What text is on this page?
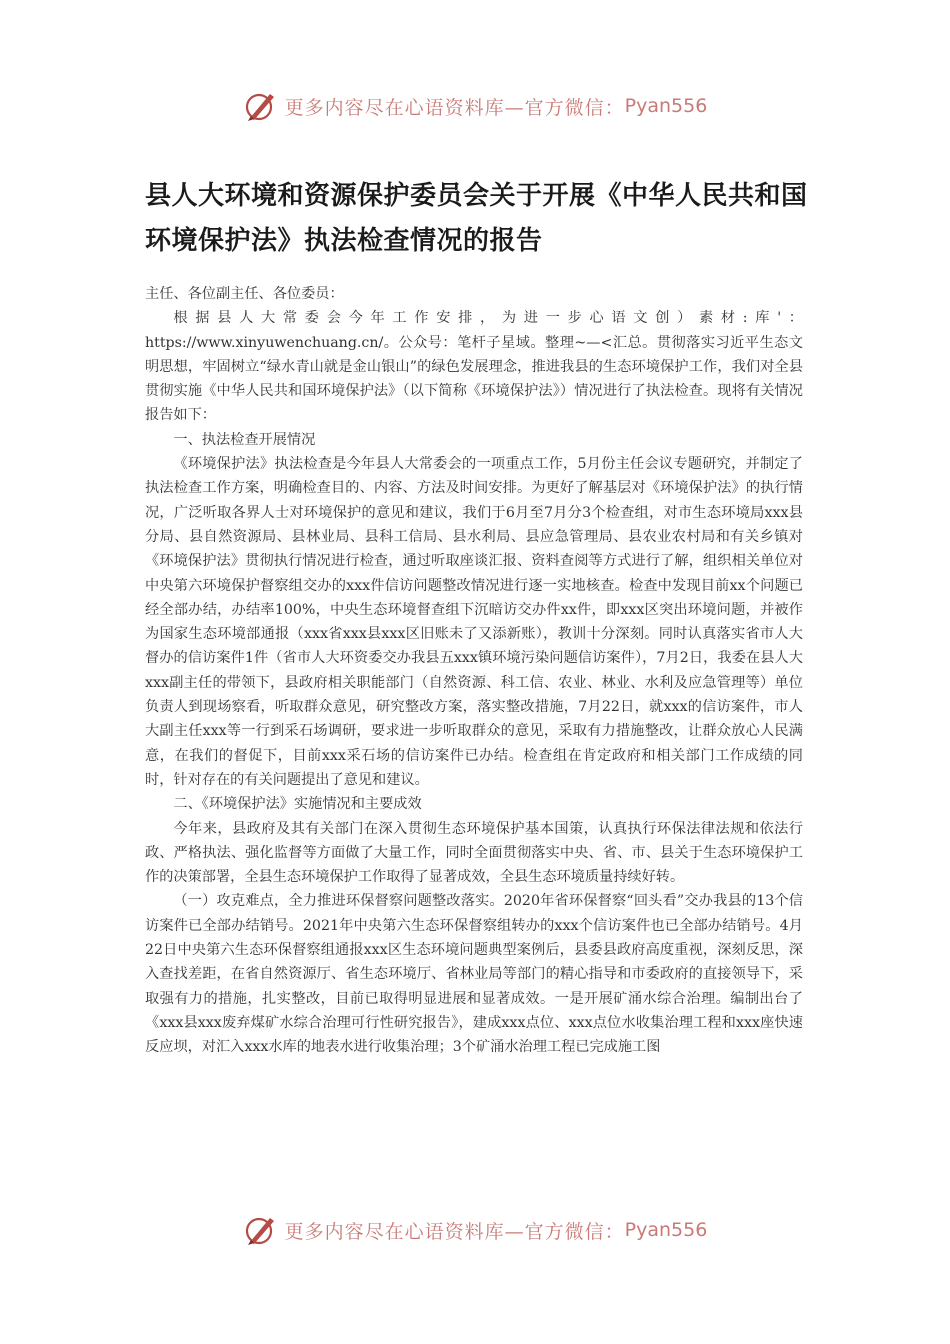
更多内容尽在心语资料库—官方微信： Pyan556
县人大环境和资源保护委员会关于开展《中华人民共和国环境保护法》执法检查情况的报告

主任、各位副主任、各位委员：

根据县人大常委会今年工作安排，为进一步心语文创）素材:库'：https://www.xinyuwenchuang.cn/。公众号：笔杆子星域。整理~—<汇总。贯彻落实习近平生态文明思想，牢固树立“绿水青山就是金山银山”的绿色发展理念，推进我县的生态环境保护工作，我们对全县贯彻实施《中华人民共和国环境保护法》（以下简称《环境保护法》）情况进行了执法检查。现将有关情况报告如下：

一、执法检查开展情况

《环境保护法》执法检查是今年县人大常委会的一项重点工作，5月份主任会议专题研究，并制定了执法检查工作方案，明确检查目的、内容、方法及时间安排。为更好了解基层对《环境保护法》的执行情况，广泛听取各界人士对环境保护的意见和建议，我们于6月至7月分3个检查组，对市生态环境局xxx县分局、县自然资源局、县林业局、县科工信局、县水利局、县应急管理局、县农业农村局和有关乡镇对《环境保护法》贯彻执行情况进行检查，通过听取座谈汇报、资料查阅等方式进行了解，组织相关单位对中央第六环境保护督察组交办的xxx件信访问题整改情况进行逐一实地核查。检查中发现目前xx个问题已经全部办结，办结率100%，中央生态环境督查组下沉暗访交办件xx件，即xxx区突出环境问题，并被作为国家生态环境部通报（xxx省xxx县xxx区旧账未了又添新账），教训十分深刻。同时认真落实省市人大督办的信访案件1件（省市人大环资委交办我县五xxx镇环境污染问题信访案件），7月2日，我委在县人大xxx副主任的带领下，县政府相关职能部门（自然资源、科工信、农业、林业、水利及应急管理等）单位负责人到现场察看，听取群众意见，研究整改方案，落实整改措施，7月22日，就xxx的信访案件，市人大副主任xxx等一行到采石场调研，要求进一步听取群众的意见，采取有力措施整改，让群众放心人民满意，在我们的督促下，目前xxx采石场的信访案件已办结。检查组在肯定政府和相关部门工作成绩的同时，针对存在的有关问题提出了意见和建议。

二、《环境保护法》实施情况和主要成效

今年来，县政府及其有关部门在深入贯彻生态环境保护基本国策，认真执行环保法律法规和依法行政、严格执法、强化监督等方面做了大量工作，同时全面贯彻落实中央、省、市、县关于生态环境保护工作的决策部署，全县生态环境保护工作取得了显著成效，全县生态环境质量持续好转。

（一）攻克难点，全力推进环保督察问题整改落实。2020年省环保督察“回头看”交办我县的13个信访案件已全部办结销号。2021年中央第六生态环保督察组转办的xxx个信访案件也已全部办结销号。4月22日中央第六生态环保督察组通报xxx区生态环境问题典型案例后，县委县政府高度重视，深刻反思，深入查找差距，在省自然资源厅、省生态环境厅、省林业局等部门的精心指导和市委政府的直接领导下，采取强有力的措施，扎实整改，目前已取得明显进展和显著成效。一是开展矿涌水综合治理。编制出台了《xxx县xxx废弃煤矿水综合治理可行性研究报告》，建成xxx点位、xxx点位水收集治理工程和xxx座快速反应坝，对汇入xxx水库的地表水进行收集治理；3个矿涌水治理工程已完成施工图

更多内容尽在心语资料库—官方微信： Pyan556
